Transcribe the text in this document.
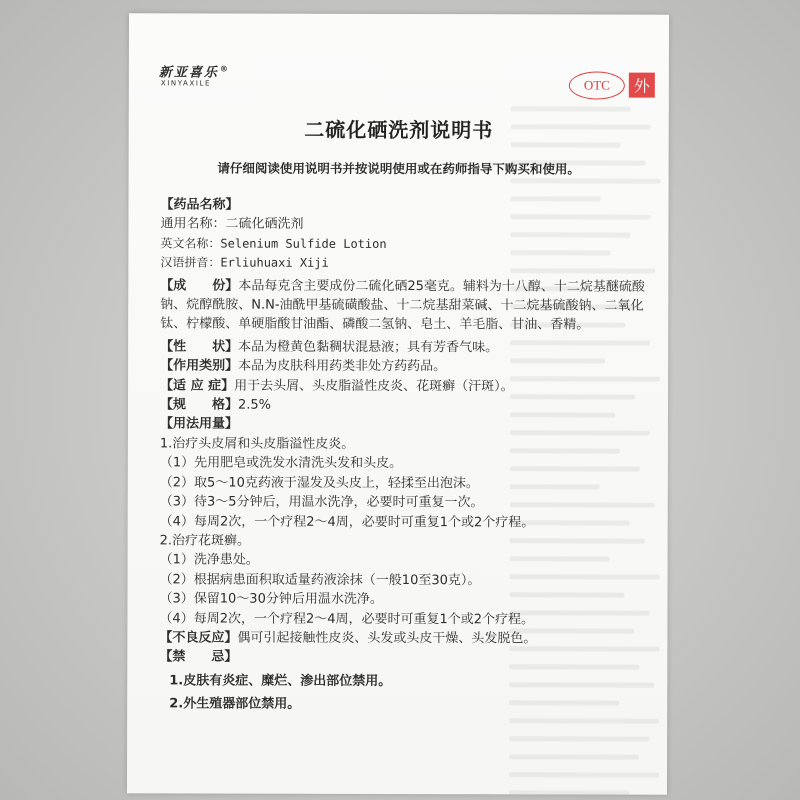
新亚喜乐®
XINYAXILE	OTC	外
二硫化硒洗剂说明书
请仔细阅读使用说明书并按说明使用或在药师指导下购买和使用。
【药品名称】
通用名称：二硫化硒洗剂
英文名称：Selenium Sulfide Lotion
汉语拼音：Erliuhuaxi Xiji
【成　　份】本品每克含主要成份二硫化硒25毫克。辅料为十八醇、十二烷基醚硫酸钠、烷醇酰胺、N.N-油酰甲基硫磺酸盐、十二烷基甜菜碱、十二烷基硫酸钠、二氧化钛、柠檬酸、单硬脂酸甘油酯、磷酸二氢钠、皂土、羊毛脂、甘油、香精。
【性　　状】本品为橙黄色黏稠状混悬液；具有芳香气味。
【作用类别】本品为皮肤科用药类非处方药药品。
【适 应 症】用于去头屑、头皮脂溢性皮炎、花斑癣（汗斑）。
【规　　格】2.5%
【用法用量】
1.治疗头皮屑和头皮脂溢性皮炎。
（1）先用肥皂或洗发水清洗头发和头皮。
（2）取5～10克药液于湿发及头皮上，轻揉至出泡沫。
（3）待3～5分钟后，用温水洗净，必要时可重复一次。
（4）每周2次，一个疗程2～4周，必要时可重复1个或2个疗程。
2.治疗花斑癣。
（1）洗净患处。
（2）根据病患面积取适量药液涂抹（一般10至30克）。
（3）保留10～30分钟后用温水洗净。
（4）每周2次，一个疗程2～4周，必要时可重复1个或2个疗程。
【不良反应】偶可引起接触性皮炎、头发或头皮干燥、头发脱色。
【禁　　忌】
1.皮肤有炎症、糜烂、渗出部位禁用。
2.外生殖器部位禁用。
